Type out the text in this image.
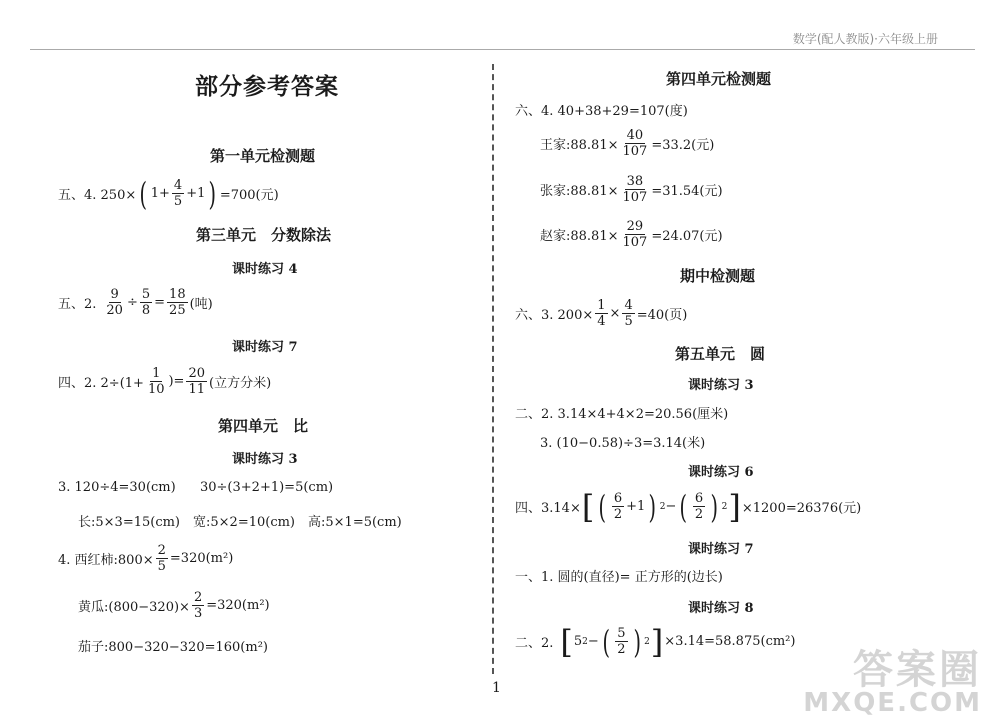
数学(配人教版)·六年级上册
部分参考答案
第一单元检测题
五、4. 250× ( $1+ \frac{4}{5} +1$ ) =700(元)
第三单元　分数除法
课时练习 4
五、2. $\frac{9}{20} \div \frac{5}{8} = \frac{18}{25}$ (吨)
课时练习 7
四、2. $2\div(1+ \frac{1}{10}$ )= $\frac{20}{11}$ (立方分米)
第四单元　比
课时练习 3
3. 120÷4=30(cm) 30÷(3+2+1)=5(cm)
长:5×3=15(cm)　宽:5×2=10(cm)　高:5×1=5(cm)
4. 西红柿:800× $\frac{2}{5} =320(m^2)$
黄瓜:(800−320)× $\frac{2}{3} =320(m^2)$
茄子:800−320−320=160(m²)
第四单元检测题
六、4. 40+38+29=107(度)
王家:88.81× $\frac{40}{107} =33.2$(元)
张家:88.81× $\frac{38}{107} =31.54$(元)
赵家:88.81× $\frac{29}{107} =24.07$(元)
期中检测题
六、3. $200\times \frac{1}{4} \times \frac{4}{5} =40$(页)
第五单元　圆
课时练习 3
二、2. 3.14×4+4×2=20.56(厘米)
3. (10−0.58)÷3=3.14(米)
课时练习 6
四、3.14× [ ( 6
2
+1 ) 2 − ( 6
2 ) 2 ] ×1200=26376(元)
课时练习 7
一、1. 圆的(直径)= 正方形的(边长)
课时练习 8
二、2. [ 5 2 − ( 5
2 ) 2 ] ×3.14=58.875(cm²)
1	答案圈
MXQE.COM
